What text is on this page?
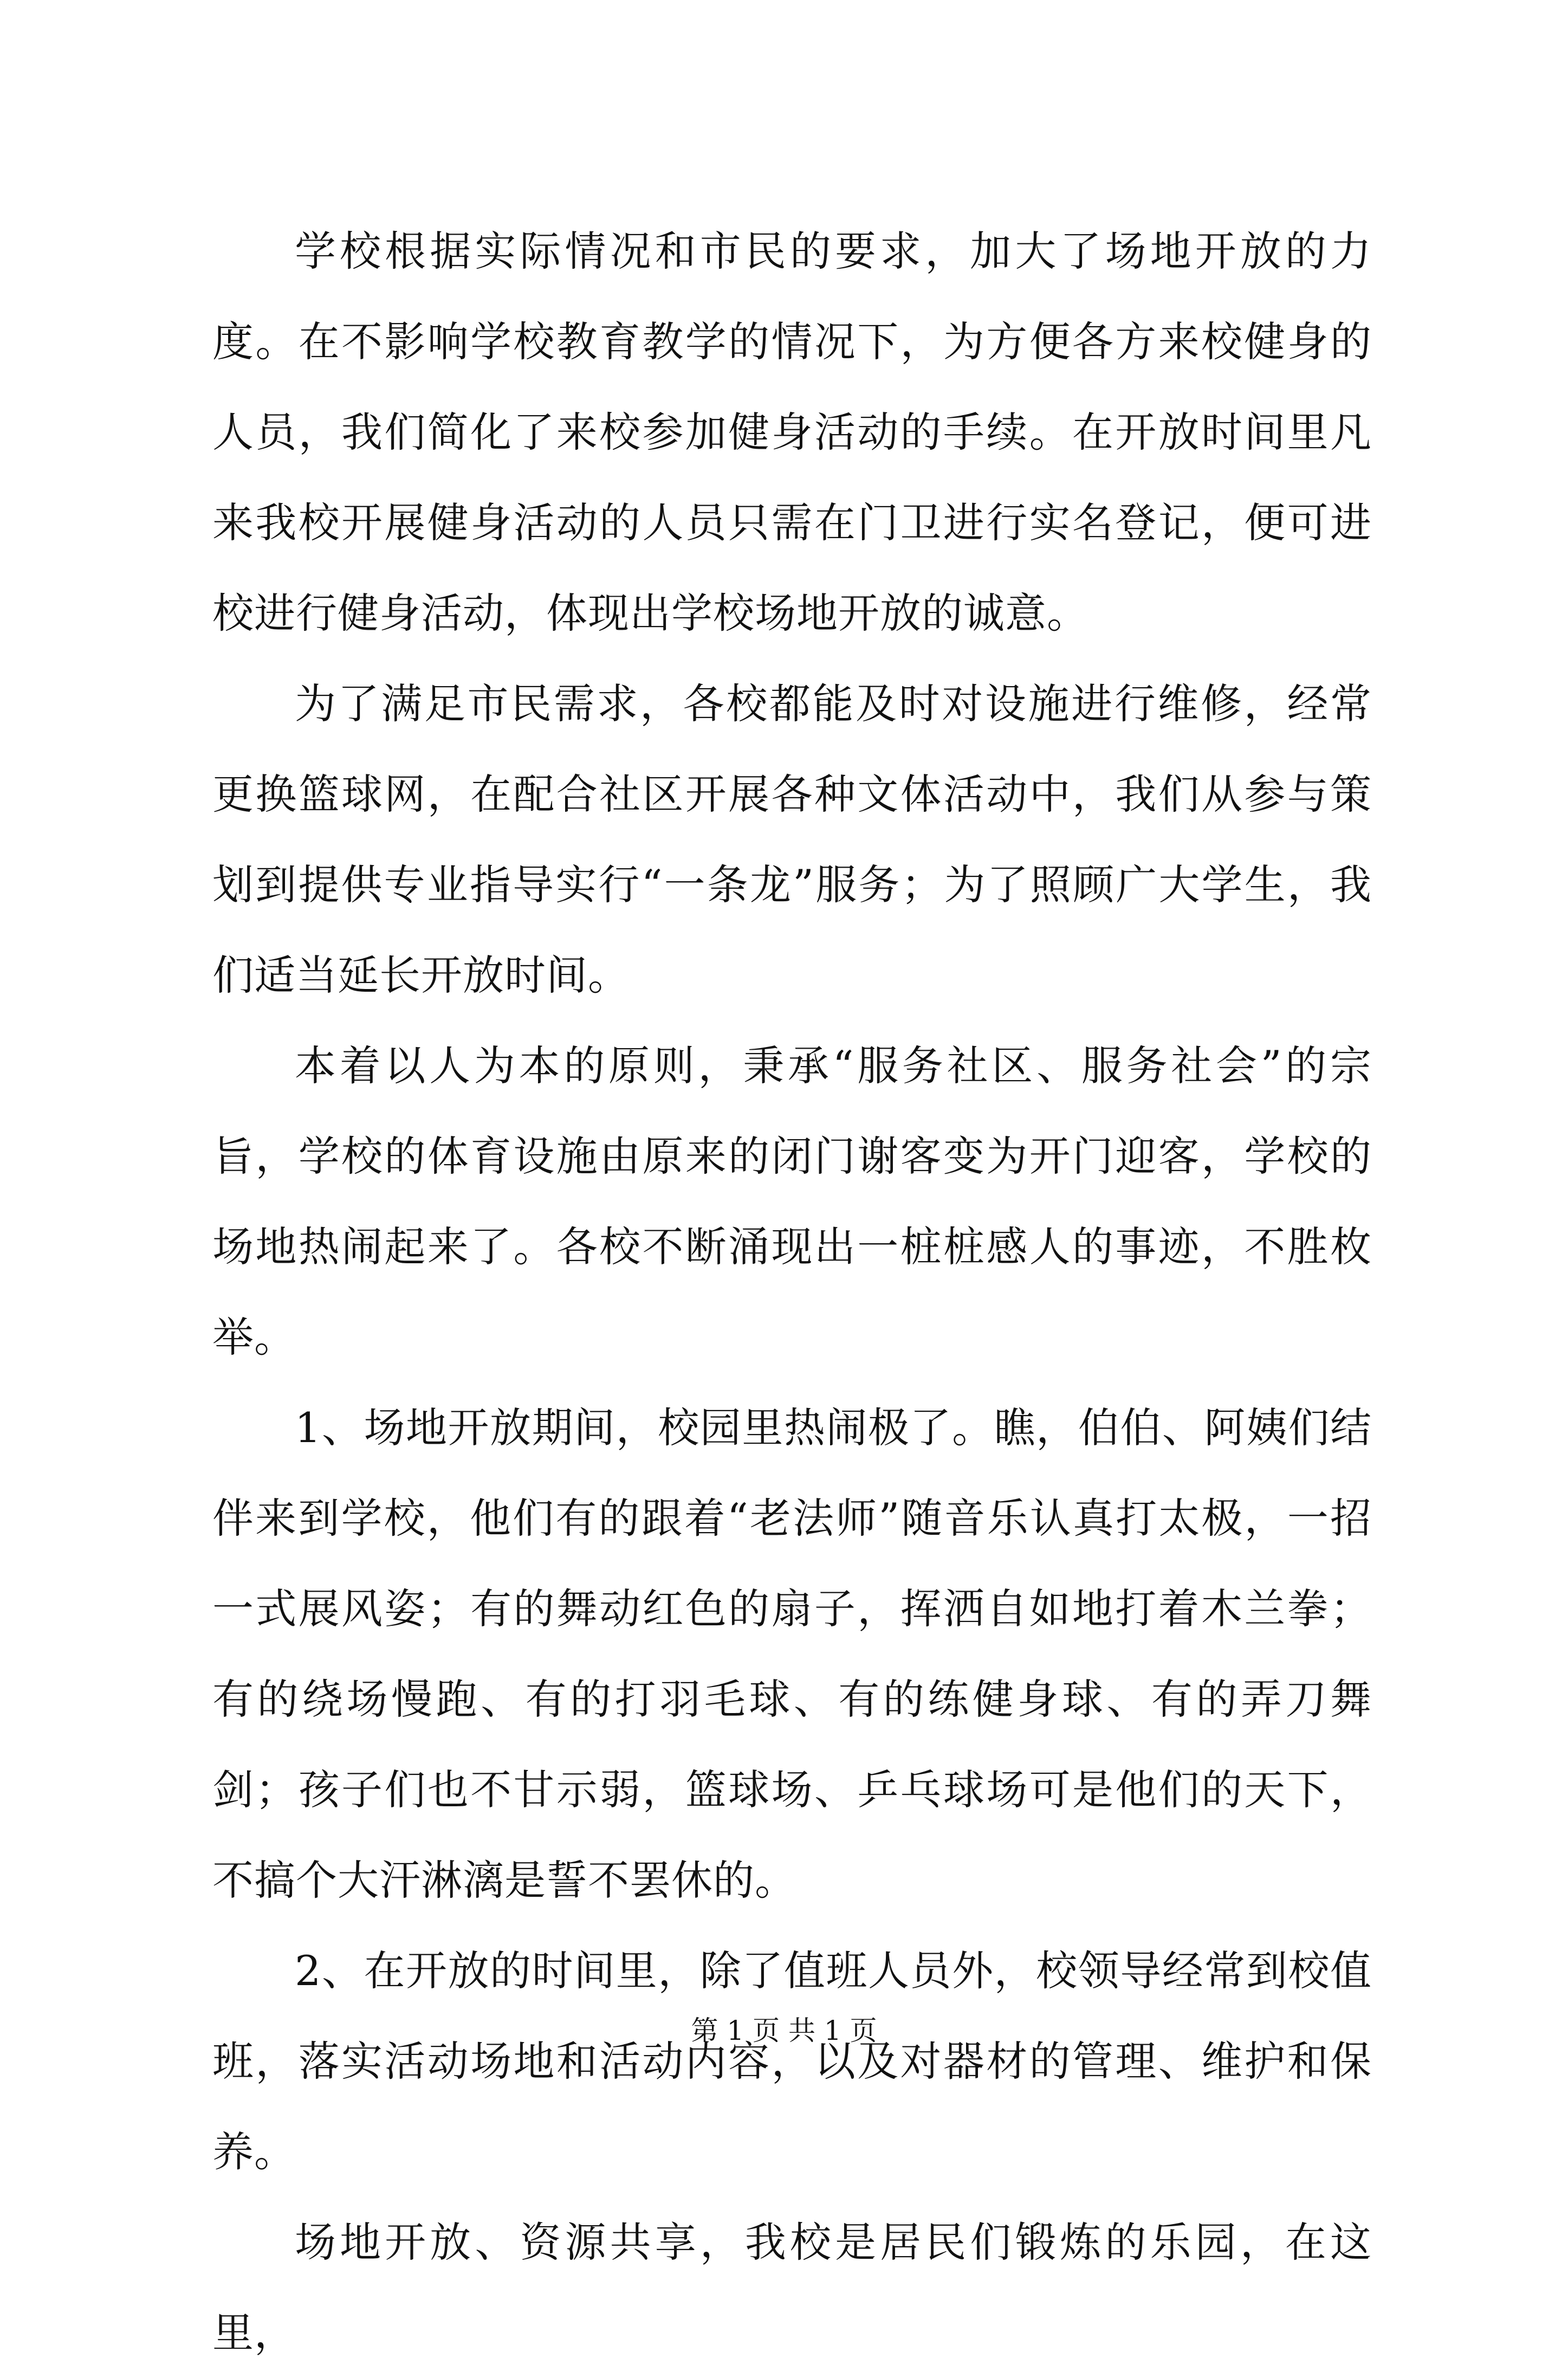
学校根据实际情况和市民的要求，加大了场地开放的力度。在不影响学校教育教学的情况下，为方便各方来校健身的人员，我们简化了来校参加健身活动的手续。在开放时间里凡来我校开展健身活动的人员只需在门卫进行实名登记，便可进校进行健身活动，体现出学校场地开放的诚意。

为了满足市民需求，各校都能及时对设施进行维修，经常更换篮球网，在配合社区开展各种文体活动中，我们从参与策划到提供专业指导实行“一条龙”服务；为了照顾广大学生，我们适当延长开放时间。

本着以人为本的原则，秉承“服务社区、服务社会”的宗旨，学校的体育设施由原来的闭门谢客变为开门迎客，学校的场地热闹起来了。各校不断涌现出一桩桩感人的事迹，不胜枚举。

1、场地开放期间，校园里热闹极了。瞧，伯伯、阿姨们结伴来到学校，他们有的跟着“老法师”随音乐认真打太极，一招一式展风姿；有的舞动红色的扇子，挥洒自如地打着木兰拳；有的绕场慢跑、有的打羽毛球、有的练健身球、有的弄刀舞剑；孩子们也不甘示弱，篮球场、乒乓球场可是他们的天下，不搞个大汗淋漓是誓不罢休的。

2、在开放的时间里，除了值班人员外，校领导经常到校值班，落实活动场地和活动内容，以及对器材的管理、维护和保养。

场地开放、资源共享，我校是居民们锻炼的乐园，在这里，

第 1 页 共 1 页
